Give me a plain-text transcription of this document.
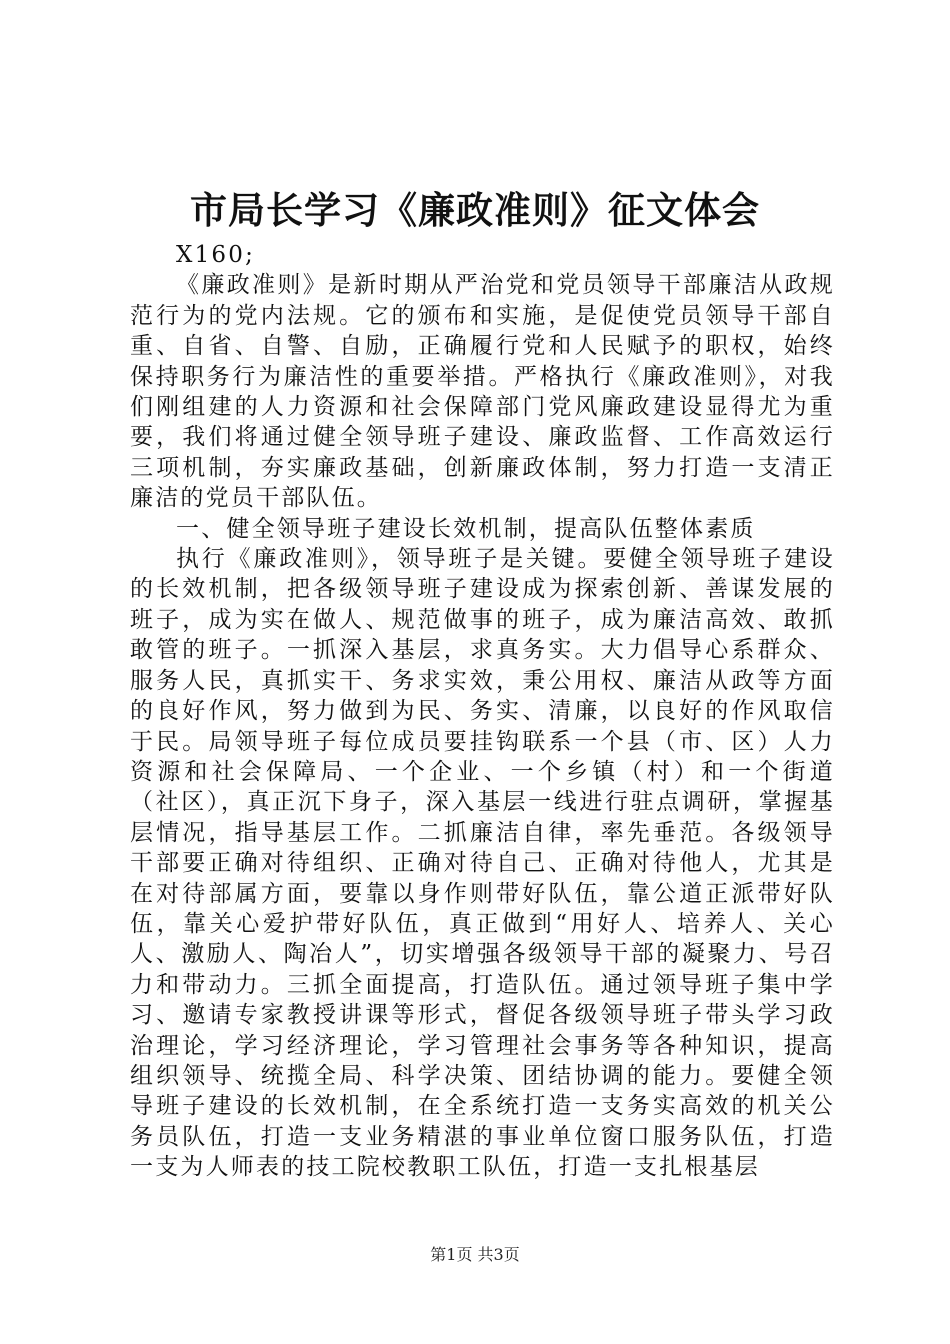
市局长学习《廉政准则》征文体会

X160;

《廉政准则》是新时期从严治党和党员领导干部廉洁从政规范行为的党内法规。它的颁布和实施，是促使党员领导干部自重、自省、自警、自励，正确履行党和人民赋予的职权，始终保持职务行为廉洁性的重要举措。严格执行《廉政准则》，对我们刚组建的人力资源和社会保障部门党风廉政建设显得尤为重要，我们将通过健全领导班子建设、廉政监督、工作高效运行三项机制，夯实廉政基础，创新廉政体制，努力打造一支清正廉洁的党员干部队伍。

一、健全领导班子建设长效机制，提高队伍整体素质

执行《廉政准则》，领导班子是关键。要健全领导班子建设的长效机制，把各级领导班子建设成为探索创新、善谋发展的班子，成为实在做人、规范做事的班子，成为廉洁高效、敢抓敢管的班子。一抓深入基层，求真务实。大力倡导心系群众、服务人民，真抓实干、务求实效，秉公用权、廉洁从政等方面的良好作风，努力做到为民、务实、清廉，以良好的作风取信于民。局领导班子每位成员要挂钩联系一个县（市、区）人力资源和社会保障局、一个企业、一个乡镇（村）和一个街道（社区），真正沉下身子，深入基层一线进行驻点调研，掌握基层情况，指导基层工作。二抓廉洁自律，率先垂范。各级领导干部要正确对待组织、正确对待自己、正确对待他人，尤其是在对待部属方面，要靠以身作则带好队伍，靠公道正派带好队伍，靠关心爱护带好队伍，真正做到“用好人、培养人、关心人、激励人、陶冶人”，切实增强各级领导干部的凝聚力、号召力和带动力。三抓全面提高，打造队伍。通过领导班子集中学习、邀请专家教授讲课等形式，督促各级领导班子带头学习政治理论，学习经济理论，学习管理社会事务等各种知识，提高组织领导、统揽全局、科学决策、团结协调的能力。要健全领导班子建设的长效机制，在全系统打造一支务实高效的机关公务员队伍，打造一支业务精湛的事业单位窗口服务队伍，打造一支为人师表的技工院校教职工队伍，打造一支扎根基层

第1页 共3页
